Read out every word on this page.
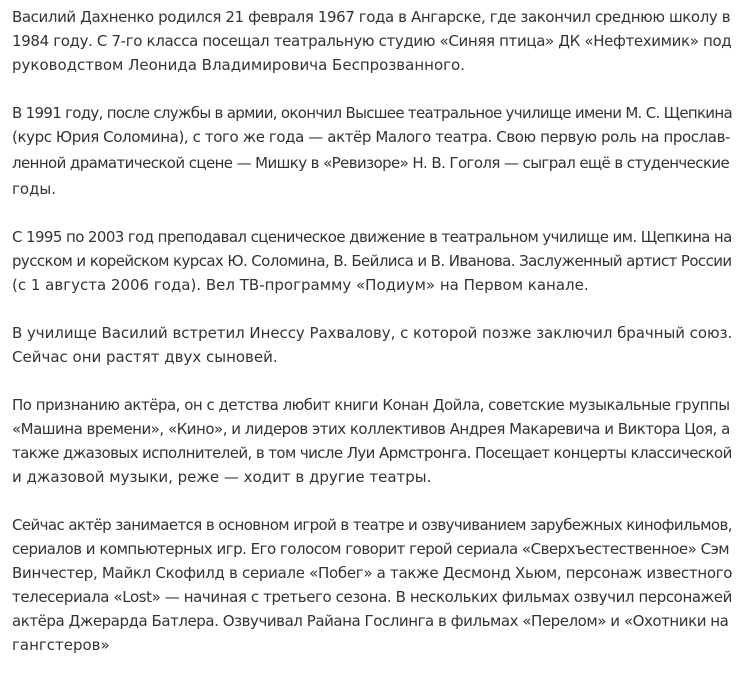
Василий Дахненко родился 21 февраля 1967 года в Ангарске, где закончил среднюю школу в
1984 году. С 7-го класса посещал театральную студию «Синяя птица» ДК «Нефтехимик» под
руководством Леонида Владимировича Беспрозванного.

В 1991 году, после службы в армии, окончил Высшее театральное училище имени М. С. Щепкина
(курс Юрия Соломина), с того же года — актёр Малого театра. Свою первую роль на прослав-
ленной драматической сцене — Мишку в «Ревизоре» Н. В. Гоголя — сыграл ещё в студенческие
годы.

С 1995 по 2003 год преподавал сценическое движение в театральном училище им. Щепкина на
русском и корейском курсах Ю. Соломина, В. Бейлиса и В. Иванова. Заслуженный артист России
(с 1 августа 2006 года). Вел ТВ-программу «Подиум» на Первом канале.

В училище Василий встретил Инессу Рахвалову, с которой позже заключил брачный союз.
Сейчас они растят двух сыновей.

По признанию актёра, он с детства любит книги Конан Дойла, советские музыкальные группы
«Машина времени», «Кино», и лидеров этих коллективов Андрея Макаревича и Виктора Цоя, а
также джазовых исполнителей, в том числе Луи Армстронга. Посещает концерты классической
и джазовой музыки, реже — ходит в другие театры.

Сейчас актёр занимается в основном игрой в театре и озвучиванием зарубежных кинофильмов,
сериалов и компьютерных игр. Его голосом говорит герой сериала «Сверхъестественное» Сэм
Винчестер, Майкл Скофилд в сериале «Побег» а также Десмонд Хьюм, персонаж известного
телесериала «Lost» — начиная с третьего сезона. В нескольких фильмах озвучил персонажей
актёра Джерарда Батлера. Озвучивал Райана Гослинга в фильмах «Перелом» и «Охотники на
гангстеров»
